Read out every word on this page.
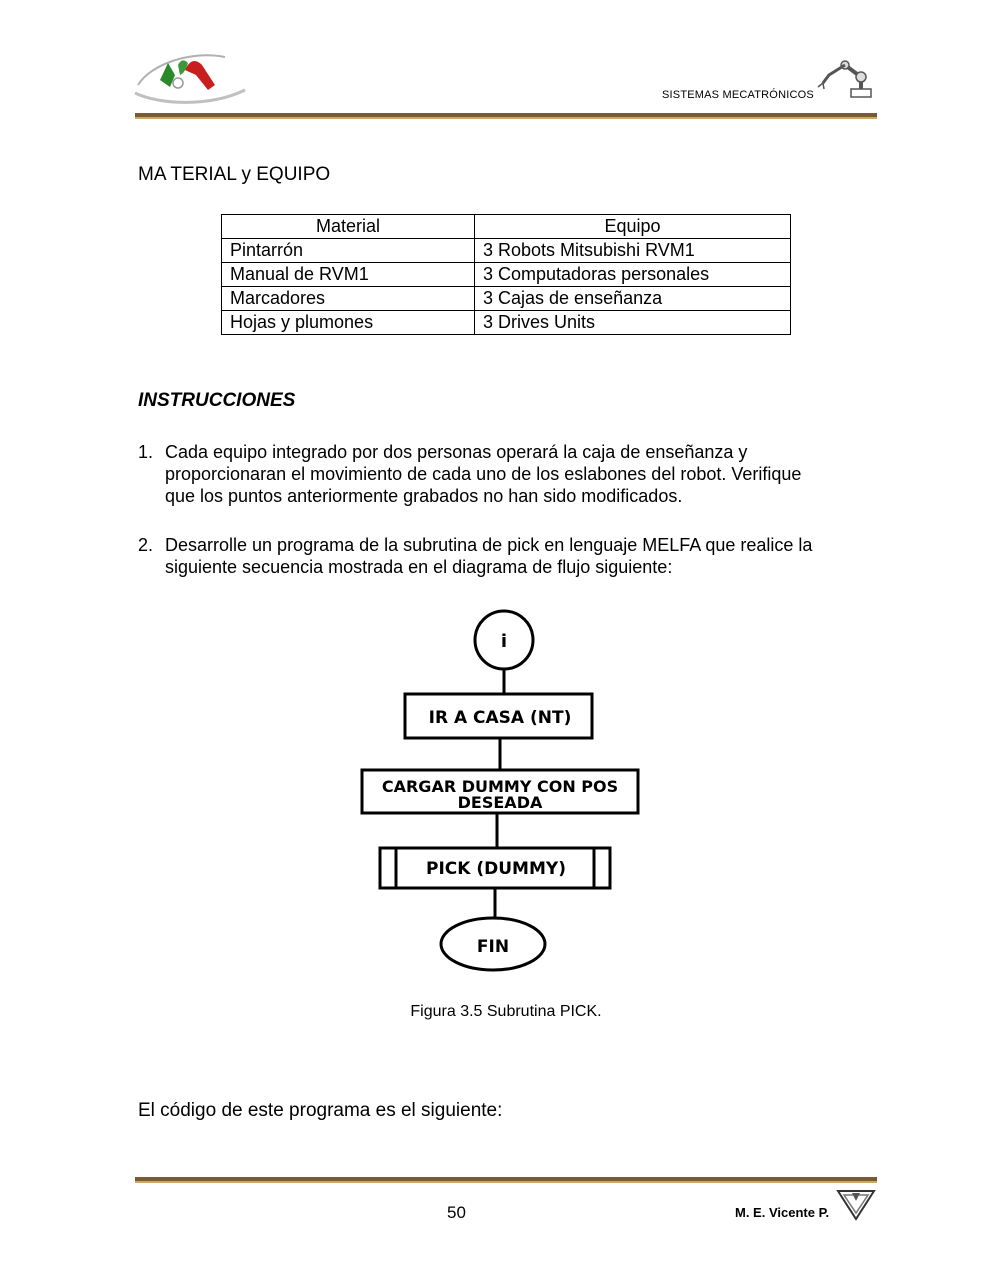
SISTEMAS MECATRÓNICOS
MA TERIAL y EQUIPO
Material	Equipo
Pintarrón	3 Robots Mitsubishi RVM1
Manual de RVM1	3 Computadoras personales
Marcadores	3 Cajas de enseñanza
Hojas y plumones	3 Drives Units
INSTRUCCIONES
1. Cada equipo integrado por dos personas operará la caja de enseñanza y
proporcionaran el movimiento de cada uno de los eslabones del robot. Verifique
que los puntos anteriormente grabados no han sido modificados.
2. Desarrolle un programa de la subrutina de pick en lenguaje MELFA que realice la
siguiente secuencia mostrada en el diagrama de flujo siguiente:
i
IR A CASA (NT)
CARGAR DUMMY CON POS
DESEADA
PICK (DUMMY)
FIN
Figura 3.5 Subrutina PICK.
El código de este programa es el siguiente:
50	M. E. Vicente P.
